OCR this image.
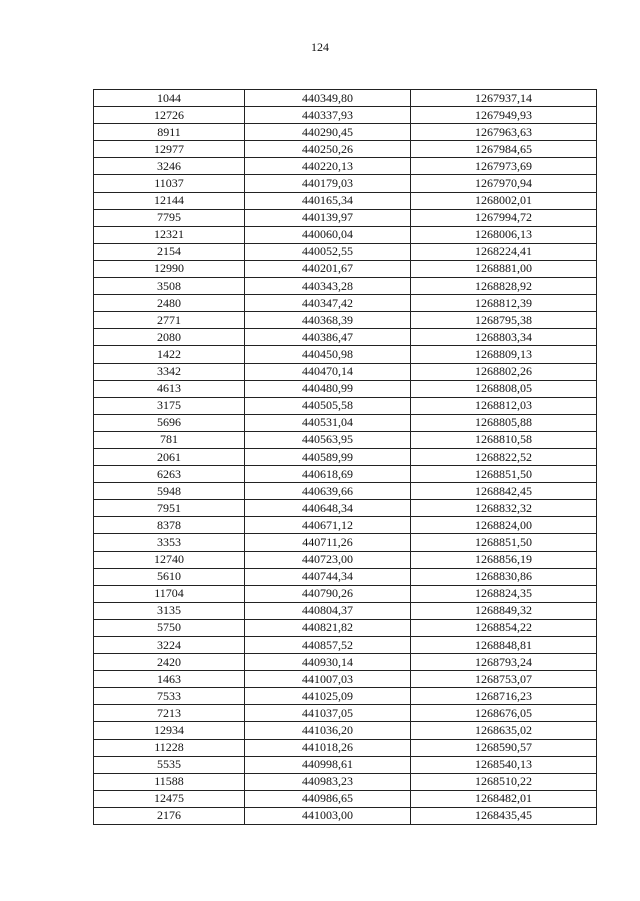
124
1044	440349,80	1267937,14
12726	440337,93	1267949,93
8911	440290,45	1267963,63
12977	440250,26	1267984,65
3246	440220,13	1267973,69
11037	440179,03	1267970,94
12144	440165,34	1268002,01
7795	440139,97	1267994,72
12321	440060,04	1268006,13
2154	440052,55	1268224,41
12990	440201,67	1268881,00
3508	440343,28	1268828,92
2480	440347,42	1268812,39
2771	440368,39	1268795,38
2080	440386,47	1268803,34
1422	440450,98	1268809,13
3342	440470,14	1268802,26
4613	440480,99	1268808,05
3175	440505,58	1268812,03
5696	440531,04	1268805,88
781	440563,95	1268810,58
2061	440589,99	1268822,52
6263	440618,69	1268851,50
5948	440639,66	1268842,45
7951	440648,34	1268832,32
8378	440671,12	1268824,00
3353	440711,26	1268851,50
12740	440723,00	1268856,19
5610	440744,34	1268830,86
11704	440790,26	1268824,35
3135	440804,37	1268849,32
5750	440821,82	1268854,22
3224	440857,52	1268848,81
2420	440930,14	1268793,24
1463	441007,03	1268753,07
7533	441025,09	1268716,23
7213	441037,05	1268676,05
12934	441036,20	1268635,02
11228	441018,26	1268590,57
5535	440998,61	1268540,13
11588	440983,23	1268510,22
12475	440986,65	1268482,01
2176	441003,00	1268435,45
